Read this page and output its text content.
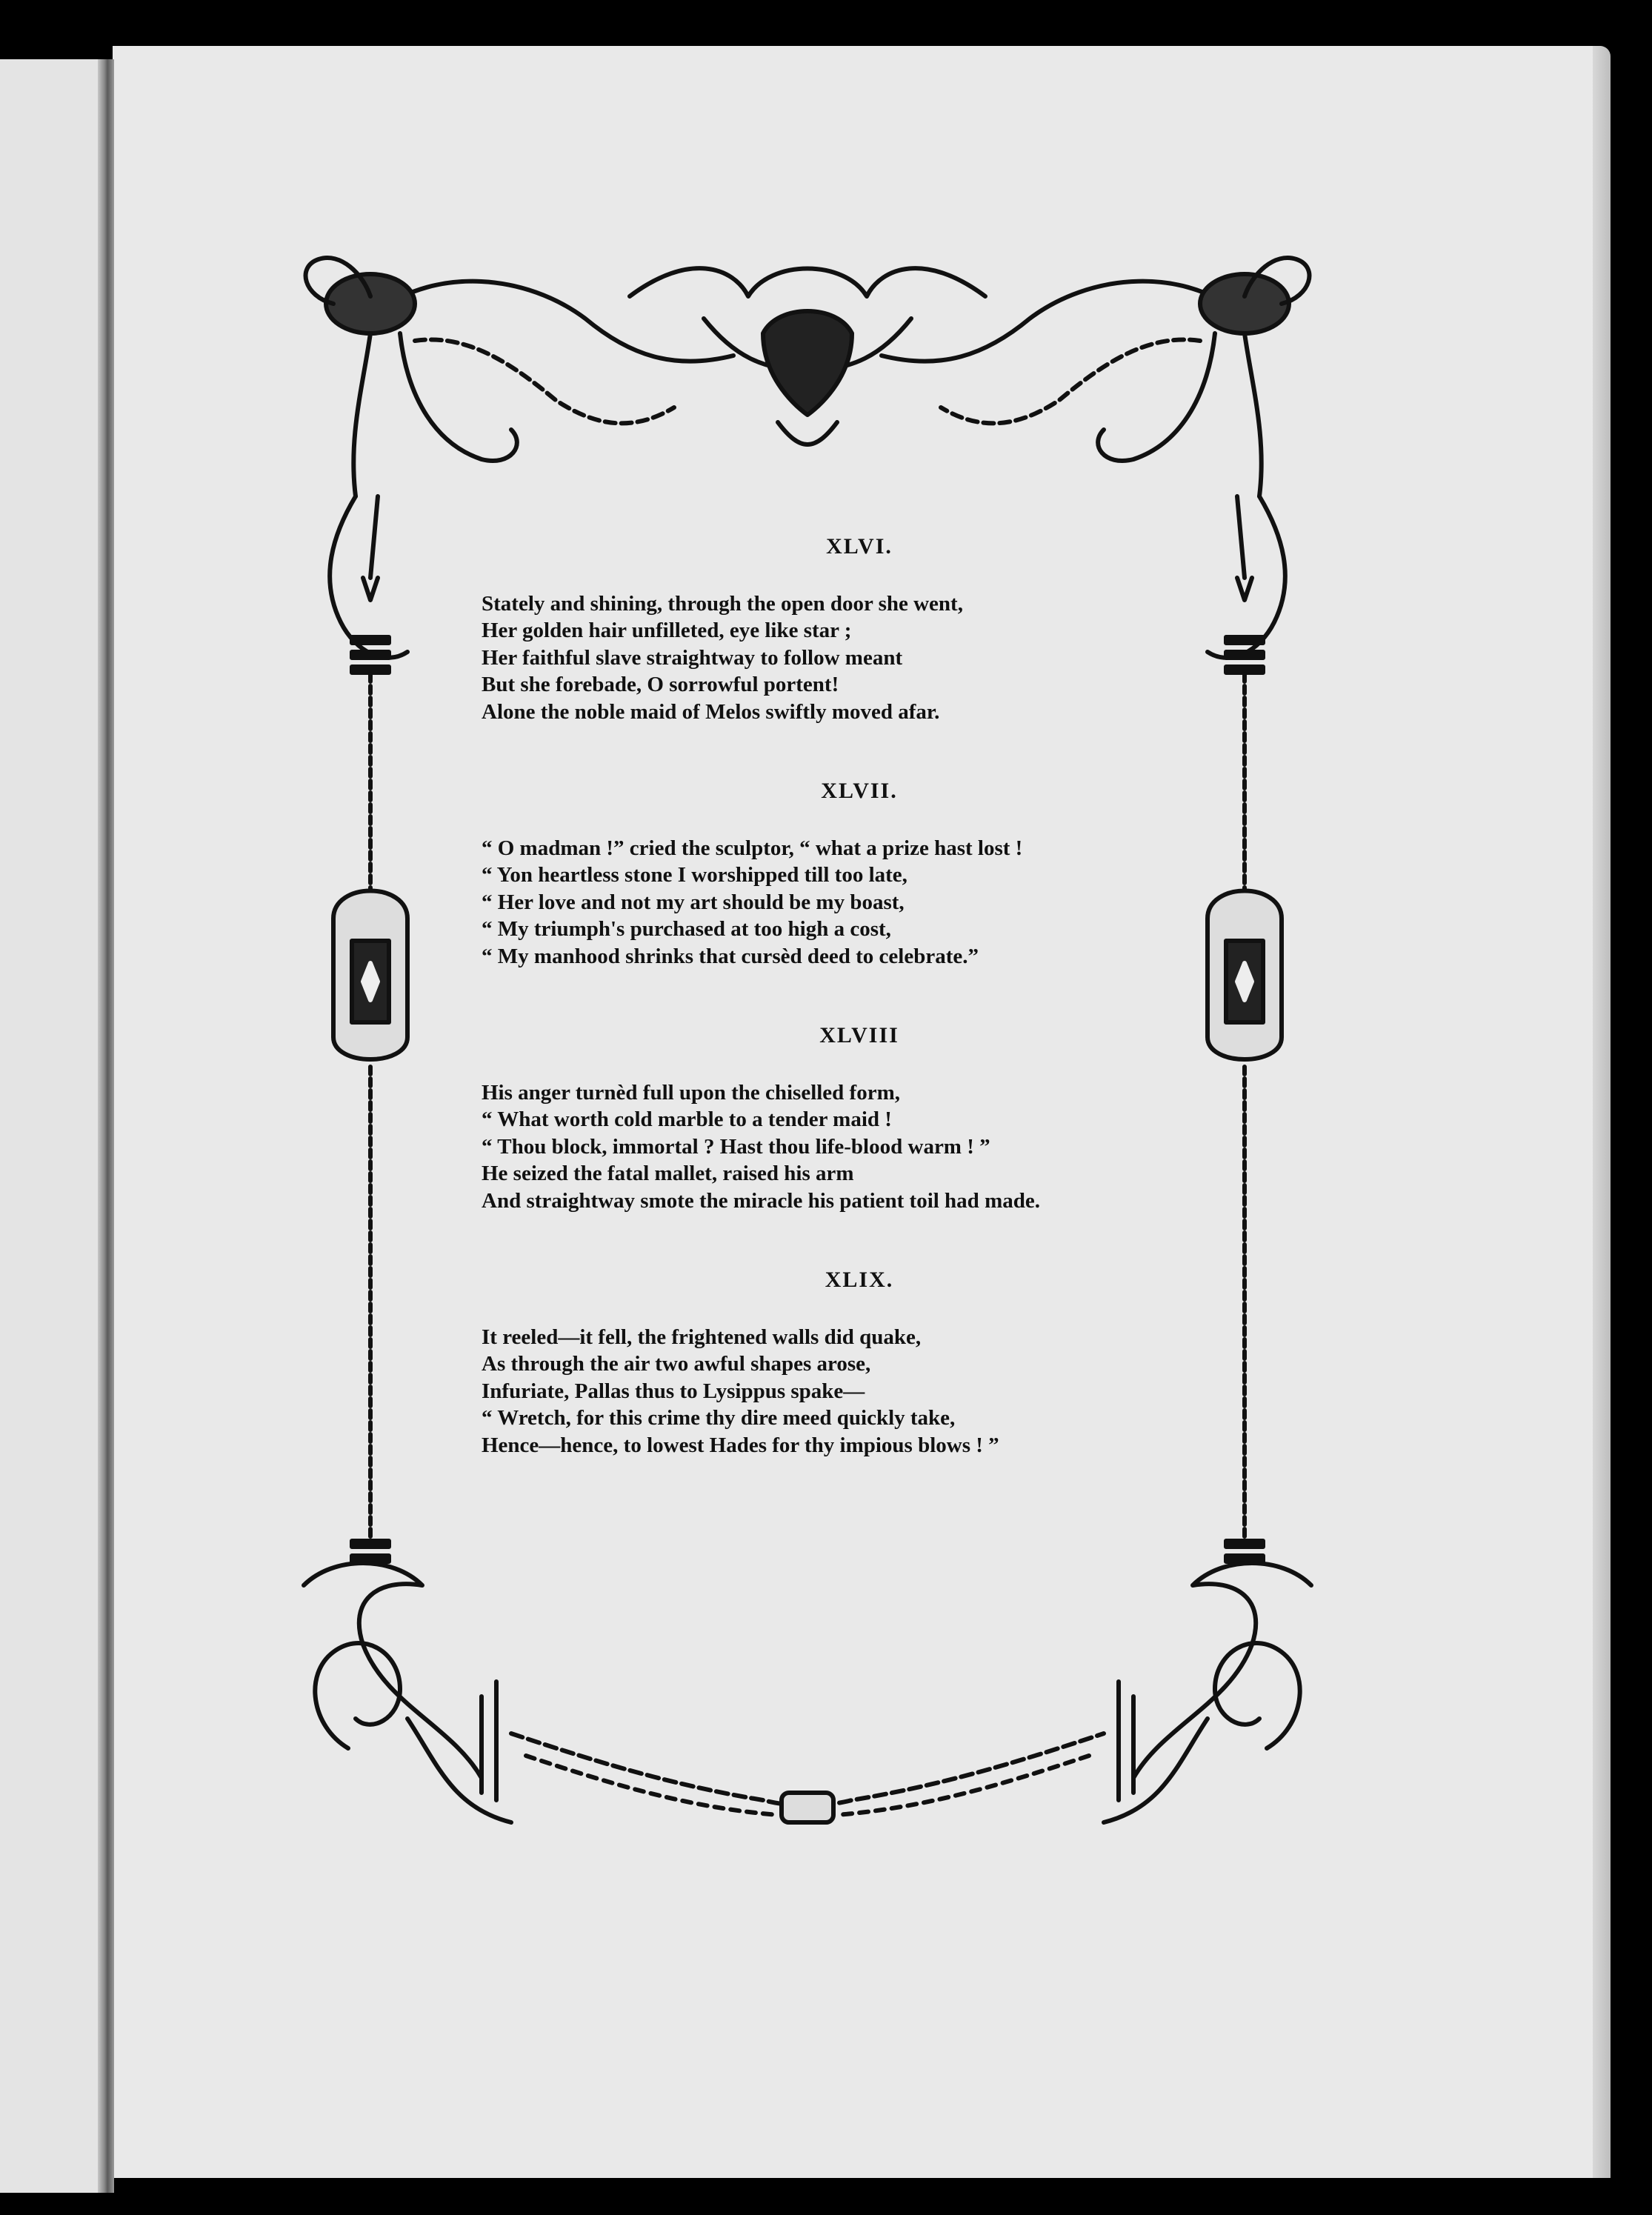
XLVI.
Stately and shining, through the open door she went,
Her golden hair unfilleted, eye like star ;
Her faithful slave straightway to follow meant
But she forebade, O sorrowful portent!
Alone the noble maid of Melos swiftly moved afar.
XLVII.
“ O madman !” cried the sculptor, “ what a prize hast lost !
“ Yon heartless stone I worshipped till too late,
“ Her love and not my art should be my boast,
“ My triumph's purchased at too high a cost,
“ My manhood shrinks that cursèd deed to celebrate.”
XLVIII
His anger turnèd full upon the chiselled form,
“ What worth cold marble to a tender maid !
“ Thou block, immortal ? Hast thou life-blood warm ! ”
He seized the fatal mallet, raised his arm
And straightway smote the miracle his patient toil had made.
XLIX.
It reeled—it fell, the frightened walls did quake,
As through the air two awful shapes arose,
Infuriate, Pallas thus to Lysippus spake—
“ Wretch, for this crime thy dire meed quickly take,
Hence—hence, to lowest Hades for thy impious blows ! ”
